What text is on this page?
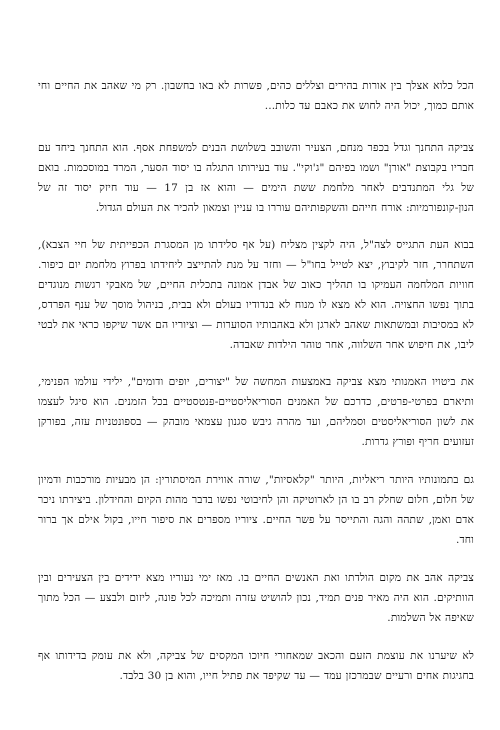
הכל כלוא אצלך בין אורות בהירים וצללים כהים, פשרות לא באו בחשבון. רק מי שאהב את החיים וחי אותם כמוך, יכול היה לחוש את כאבם עד כלות...

צביקה התחנך וגדל בכפר מנחם, הצעיר והשובב בשלושת הבנים למשפחת אסף. הוא התחנך ביחד עם חבריו בקבוצת "אורן" ושמו בפיהם "ג'וקי". עוד בעירותו התגלה בו יסוד הסער, המרד במוסכמות. בואם של גלי המתנדבים לאחר מלחמת ששת הימים — והוא אז בן 17 — עוד חיזק יסוד זה של הנון-קונפורמיות: אורח חייהם והשקפותיהם עוררו בו עניין וצמאון להכיר את העולם הגדול.

בבוא העת התגייס לצה"ל, היה לקצין מצליח (על אף סלידתו מן המסגרת הכפייתית של חיי הצבא), השתחרר, חזר לקיבוץ, יצא לטייל בחו"ל — וחזר על מנת להתייצב ליחידתו בפרוץ מלחמת יום כיפור. חוויות המלחמה העמיקו בו תהליך כאוב של אבדן אמונה בתכלית החיים, של מאבקי רגשות מנוגדים בתוך נפשו החצויה. הוא לא מצא לו מנוח לא בנדודיו בעולם ולא בבית, בניהול מוסך של ענף הפרדס, לא במסיבות ובמשתאות שאהב לארגן ולא באהבותיו הסוערות — וציוריו הם אשר שיקפו כראי את לבטי ליבו, את חיפוש אחר השלווה, אחר טוהר הילדות שאבדה.

את ביטויו האמנותי מצא צביקה באמצעות המחשה של "יצורים, יופים ודומים", ילידי עולמו הפנימי, ותיארם בפרטי-פרטים, כדרכם של האמנים הסוריאליסטיים-פנטסטיים בכל הזמנים. הוא סיגל לעצמו את לשון הסוריאליסטים וסמליהם, ועד מהרה גיבש סגנון עצמאי מובהק — בספונטניות עזה, בפורקן זעזועים חריף ופורץ גדרות.

גם בתמונותיו היותר ריאליות, היותר "קלאסיות", שורה אווירת המיסתורין: הן מבעיות מורכבות ודמיון של חלום, חלום שחלק רב בו הן לארוטיקה והן לחיבוטי נפשו בדבר מהות הקיום והחידלון. ביצירתו ניכר אדם ואמן, שתהה והגה והתייסר על פשר החיים. ציוריו מספרים את סיפור חייו, בקול אילם אך ברור וחד.

צביקה אהב את מקום הולדתו ואת האנשים החיים בו. מאז ימי נעוריו מצא ידידים בין הצעירים ובין הוותיקים. הוא היה מאיר פנים תמיד, נכון להושיט עזרה ותמיכה לכל פונה, ליזום ולבצע — הכל מתוך שאיפה אל השלמות.

לא שיערנו את עוצמת הזעם והכאב שמאחורי חיוכו המקסים של צביקה, ולא את עומק בדידותו אף בחגיגות אחים ורעיים שבמרכזן עמד — עד שקיפד את פתיל חייו, והוא בן 30 בלבד.
